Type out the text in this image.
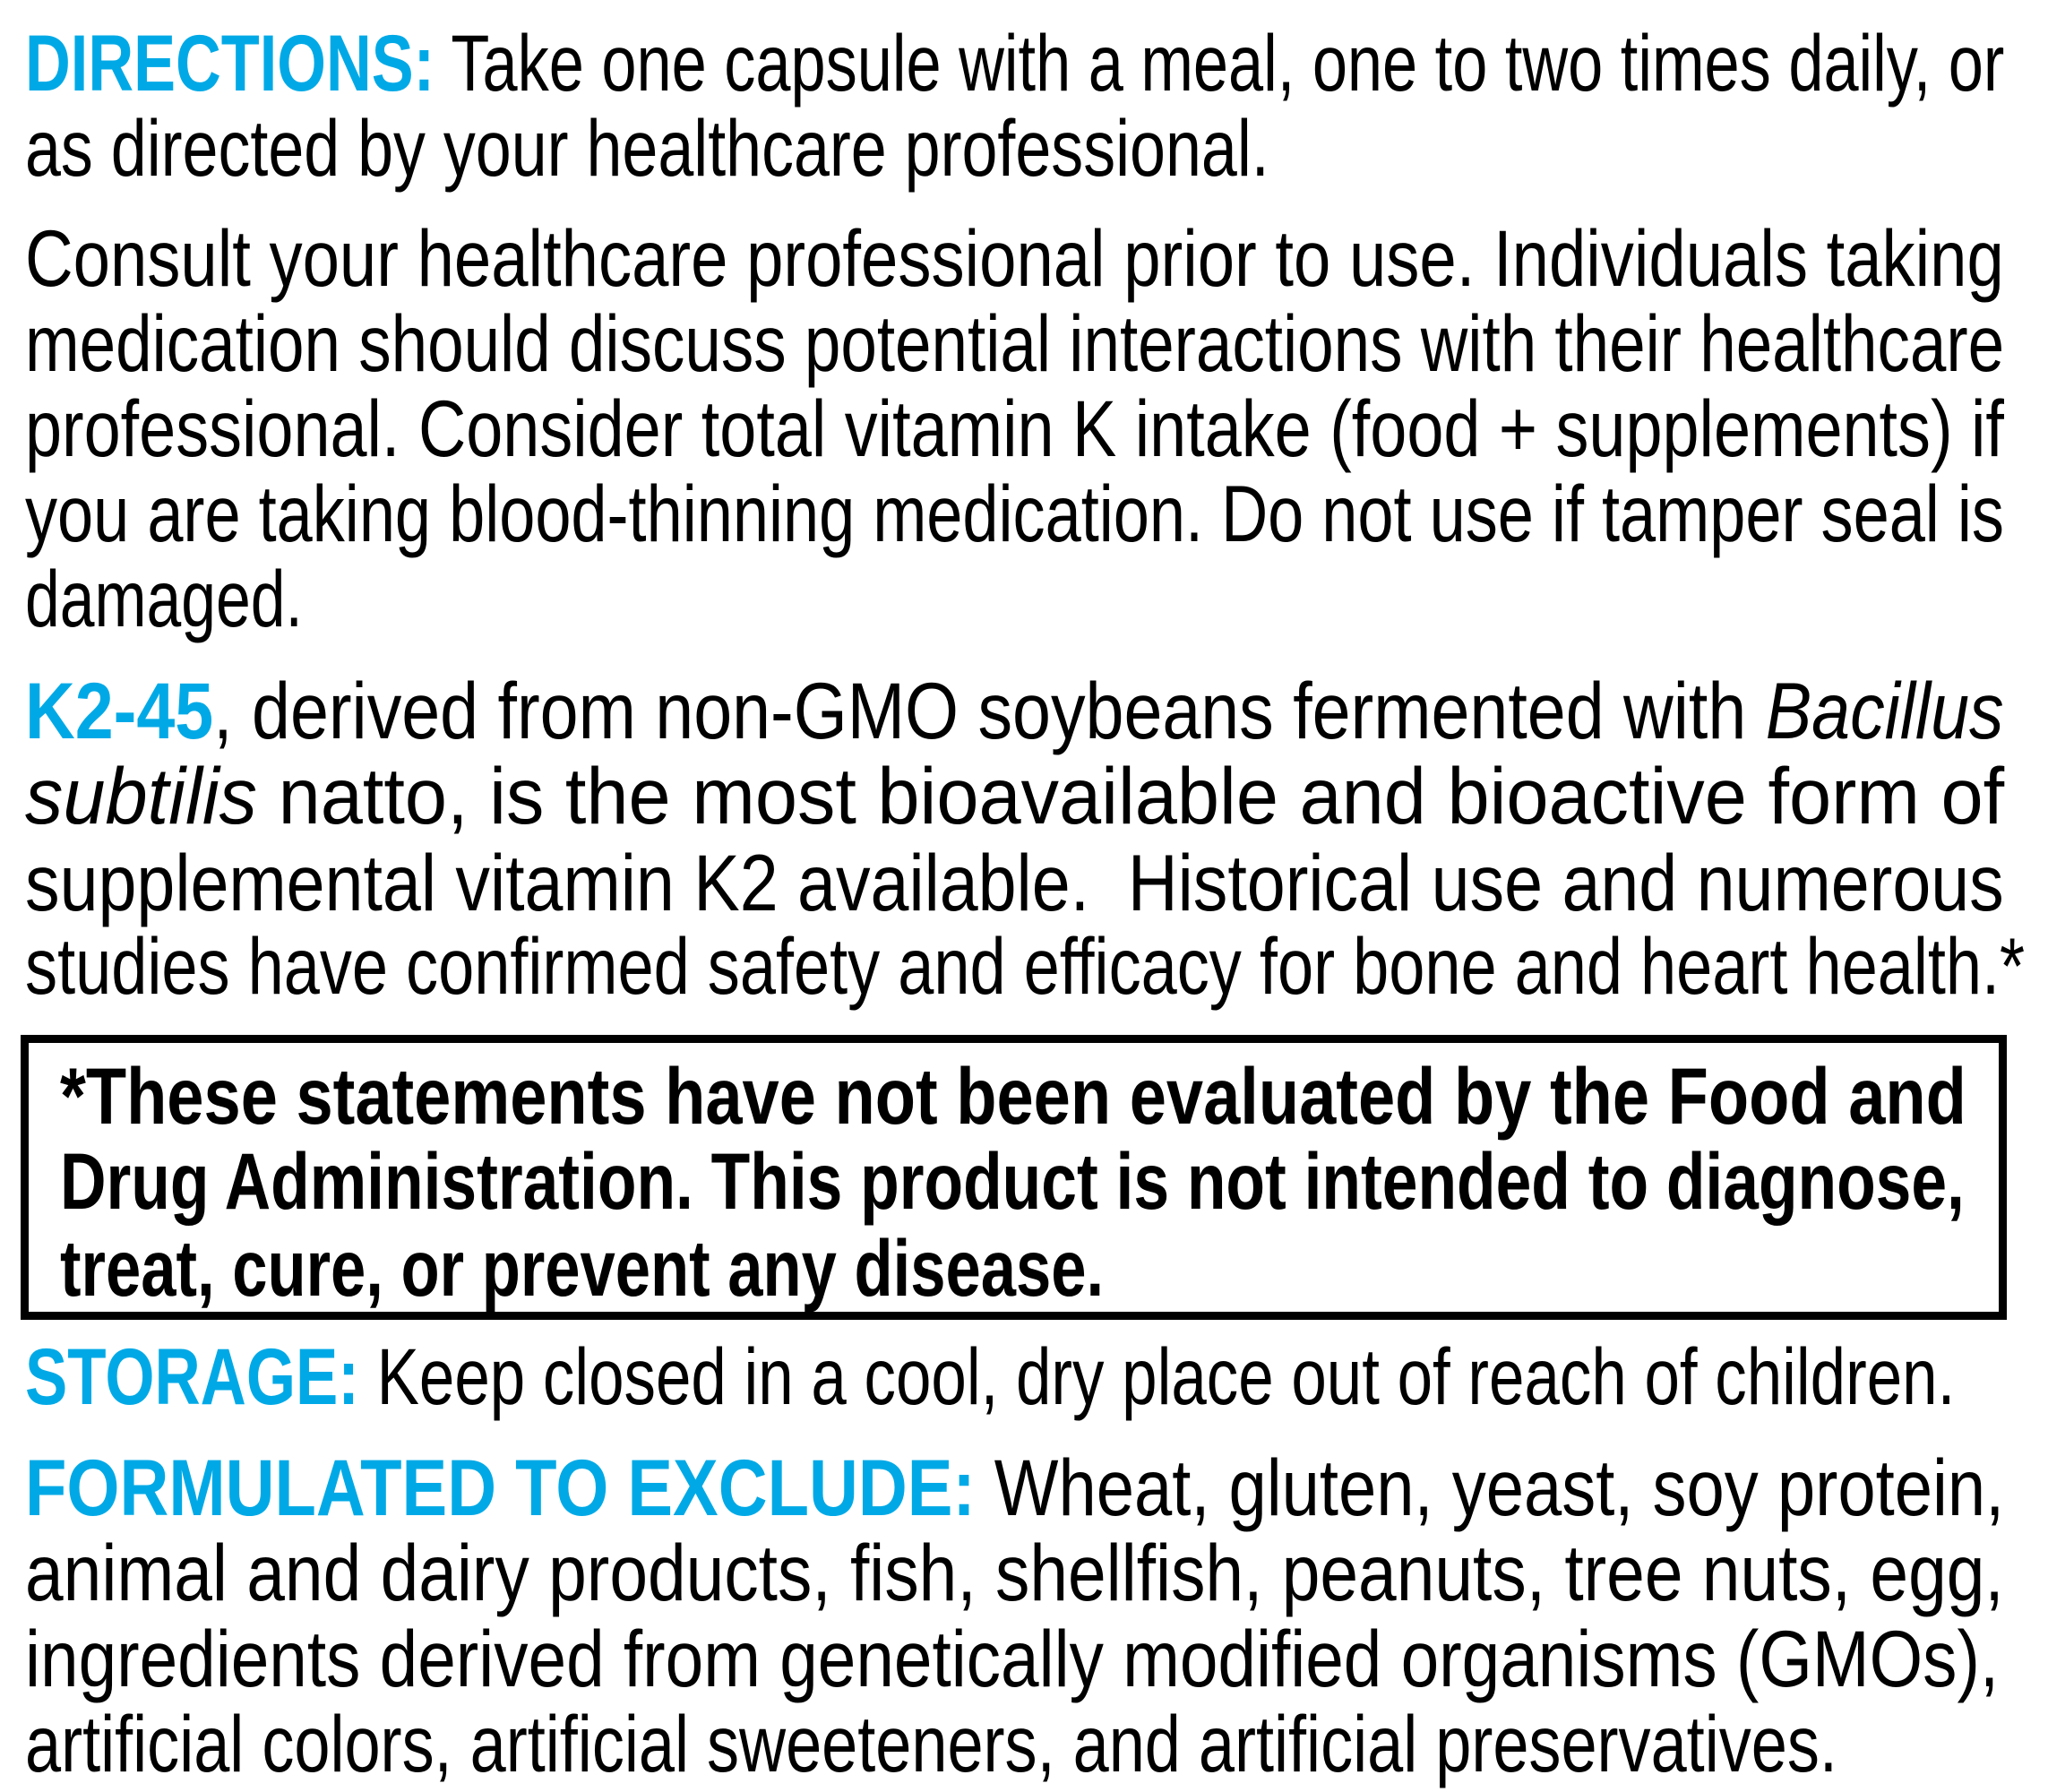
DIRECTIONS: Take one capsule with a meal, one to two times daily, or
as directed by your healthcare professional.
Consult your healthcare professional prior to use. Individuals taking
medication should discuss potential interactions with their healthcare
professional. Consider total vitamin K intake (food + supplements) if
you are taking blood-thinning medication. Do not use if tamper seal is
damaged.
K2-45, derived from non-GMO soybeans fermented with Bacillus
subtilis natto, is the most bioavailable and bioactive form of
supplemental vitamin K2 available.  Historical use and numerous
studies have confirmed safety and efficacy for bone and heart health.*
*These statements have not been evaluated by the Food and
Drug Administration. This product is not intended to diagnose,
treat, cure, or prevent any disease.
STORAGE: Keep closed in a cool, dry place out of reach of children.
FORMULATED TO EXCLUDE: Wheat, gluten, yeast, soy protein,
animal and dairy products, fish, shellfish, peanuts, tree nuts, egg,
ingredients derived from genetically modified organisms (GMOs),
artificial colors, artificial sweeteners, and artificial preservatives.
